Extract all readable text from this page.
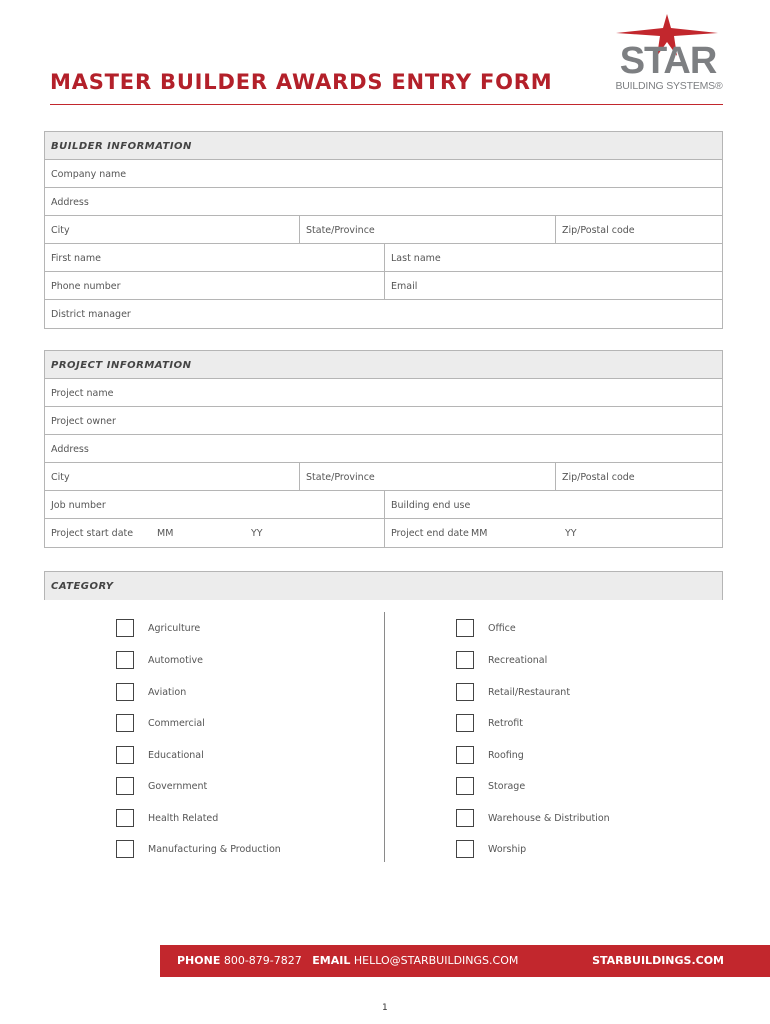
MASTER BUILDER AWARDS ENTRY FORM STAR
BUILDING SYSTEMS®
BUILDER INFORMATION
Company name
Address
City	State/Province	Zip/Postal code
First name	Last name
Phone number	Email
District manager
PROJECT INFORMATION
Project name
Project owner
Address
City	State/Province	Zip/Postal code
Job number	Building end use
Project start date	MM	YY	Project end date MM	YY
CATEGORY
Agriculture
Automotive
Aviation
Commercial
Educational
Government
Health Related
Manufacturing & Production
Office
Recreational
Retail/Restaurant
Retrofit
Roofing
Storage
Warehouse & Distribution
Worship
PHONE 800-879-7827 EMAIL HELLO@STARBUILDINGS.COM	STARBUILDINGS.COM
1
